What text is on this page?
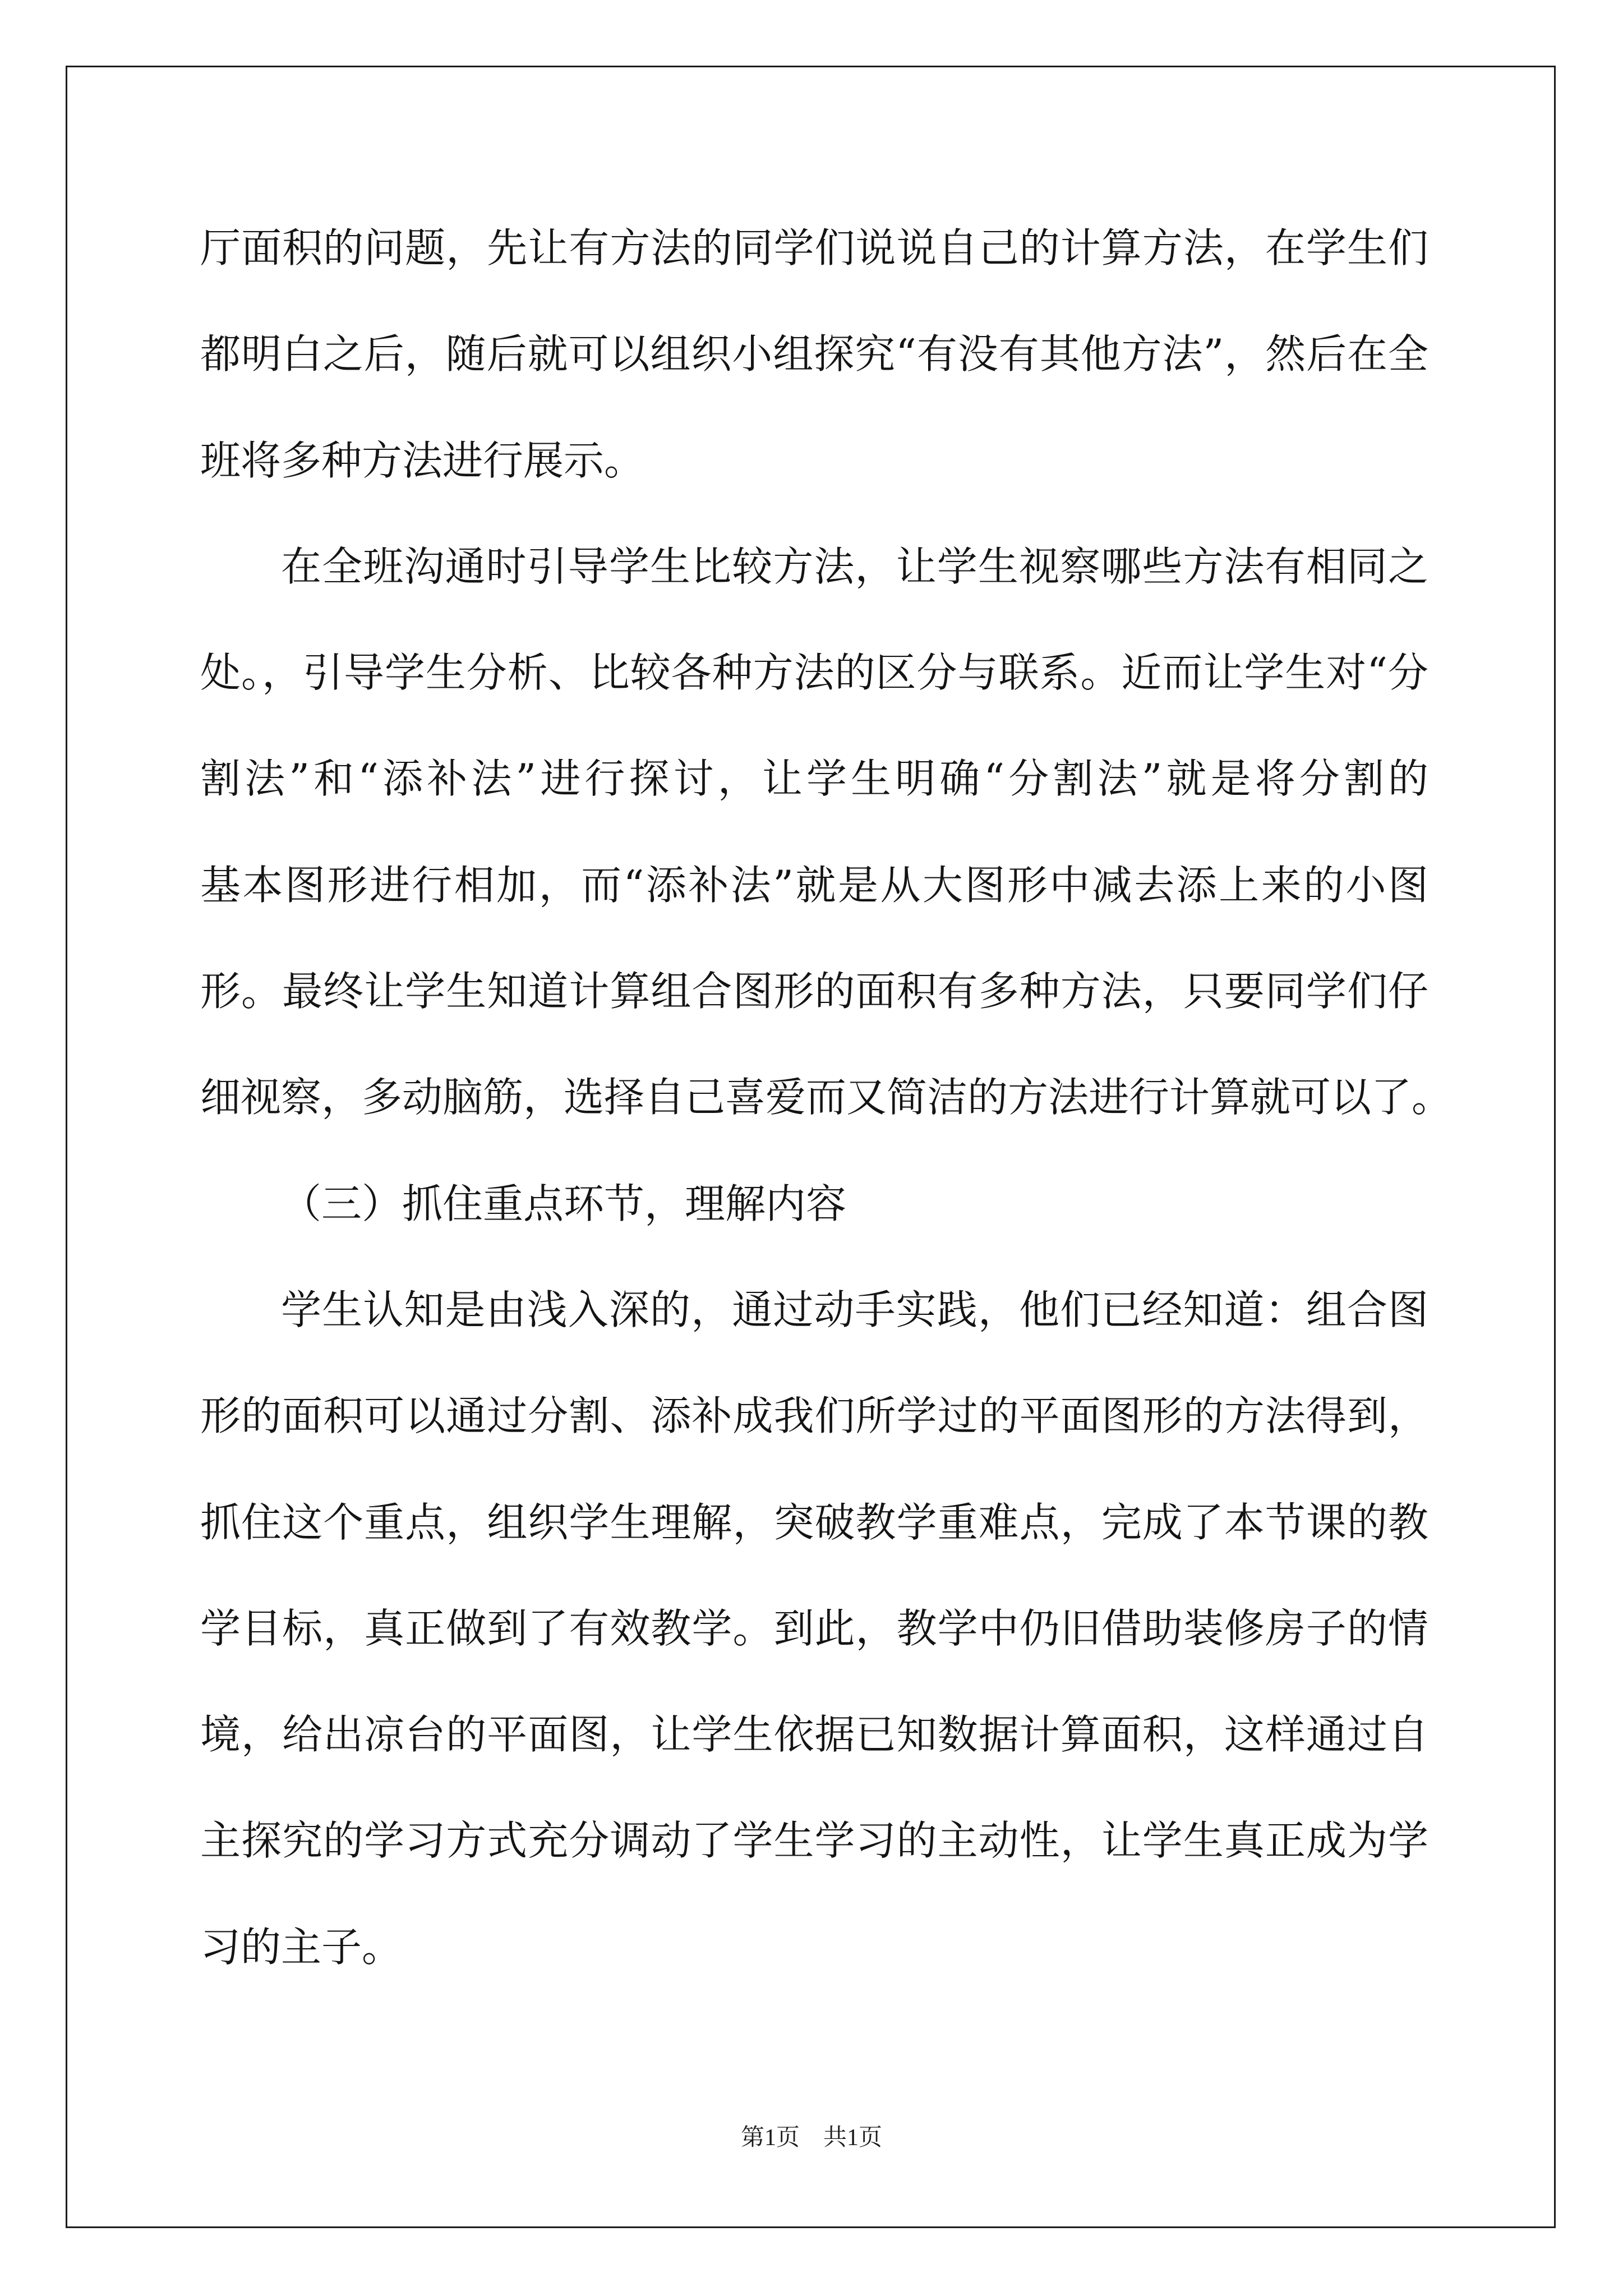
厅面积的问题，先让有方法的同学们说说自己的计算方法，在学生们
都明白之后，随后就可以组织小组探究“有没有其他方法”，然后在全
班将多种方法进行展示。
在全班沟通时引导学生比较方法，让学生视察哪些方法有相同之
处。，引导学生分析、比较各种方法的区分与联系。近而让学生对“分
割法”和“添补法”进行探讨，让学生明确“分割法”就是将分割的
基本图形进行相加，而“添补法”就是从大图形中减去添上来的小图
形。最终让学生知道计算组合图形的面积有多种方法，只要同学们仔
细视察，多动脑筋，选择自己喜爱而又简洁的方法进行计算就可以了。
（三）抓住重点环节，理解内容
学生认知是由浅入深的，通过动手实践，他们已经知道：组合图
形的面积可以通过分割、添补成我们所学过的平面图形的方法得到，
抓住这个重点，组织学生理解，突破教学重难点，完成了本节课的教
学目标，真正做到了有效教学。到此，教学中仍旧借助装修房子的情
境，给出凉台的平面图，让学生依据已知数据计算面积，这样通过自
主探究的学习方式充分调动了学生学习的主动性，让学生真正成为学
习的主子。
第1页　共1页
